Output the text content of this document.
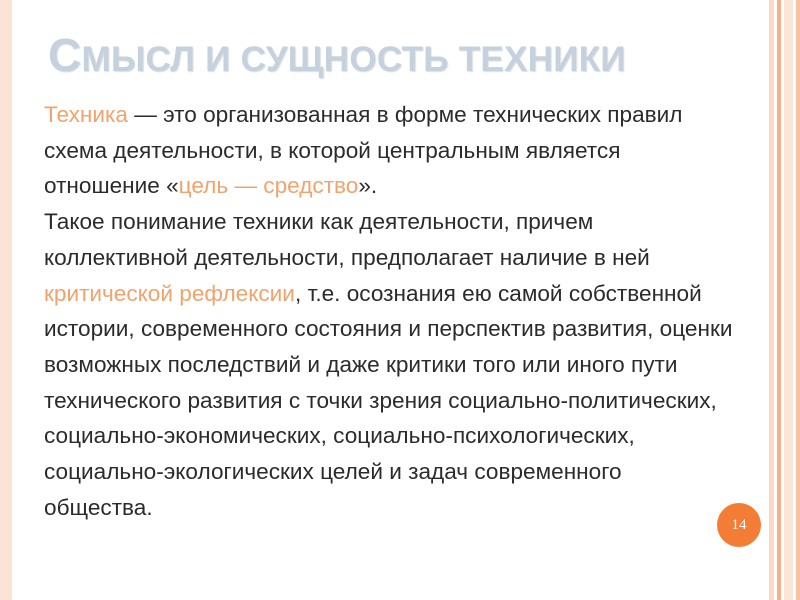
СМЫСЛ И СУЩНОСТЬ ТЕХНИКИ

Техника — это организованная в форме технических правил схема деятельности, в которой центральным является отношение «цель — средство».

Такое понимание техники как деятельности, причем коллективной деятельности, предполагает наличие в ней критической рефлексии, т.е. осознания ею самой собственной истории, современного состояния и перспектив развития, оценки возможных последствий и даже критики того или иного пути технического развития с точки зрения социально-политических, социально-экономических, социально-психологических, социально-экологических целей и задач современного общества.

14
